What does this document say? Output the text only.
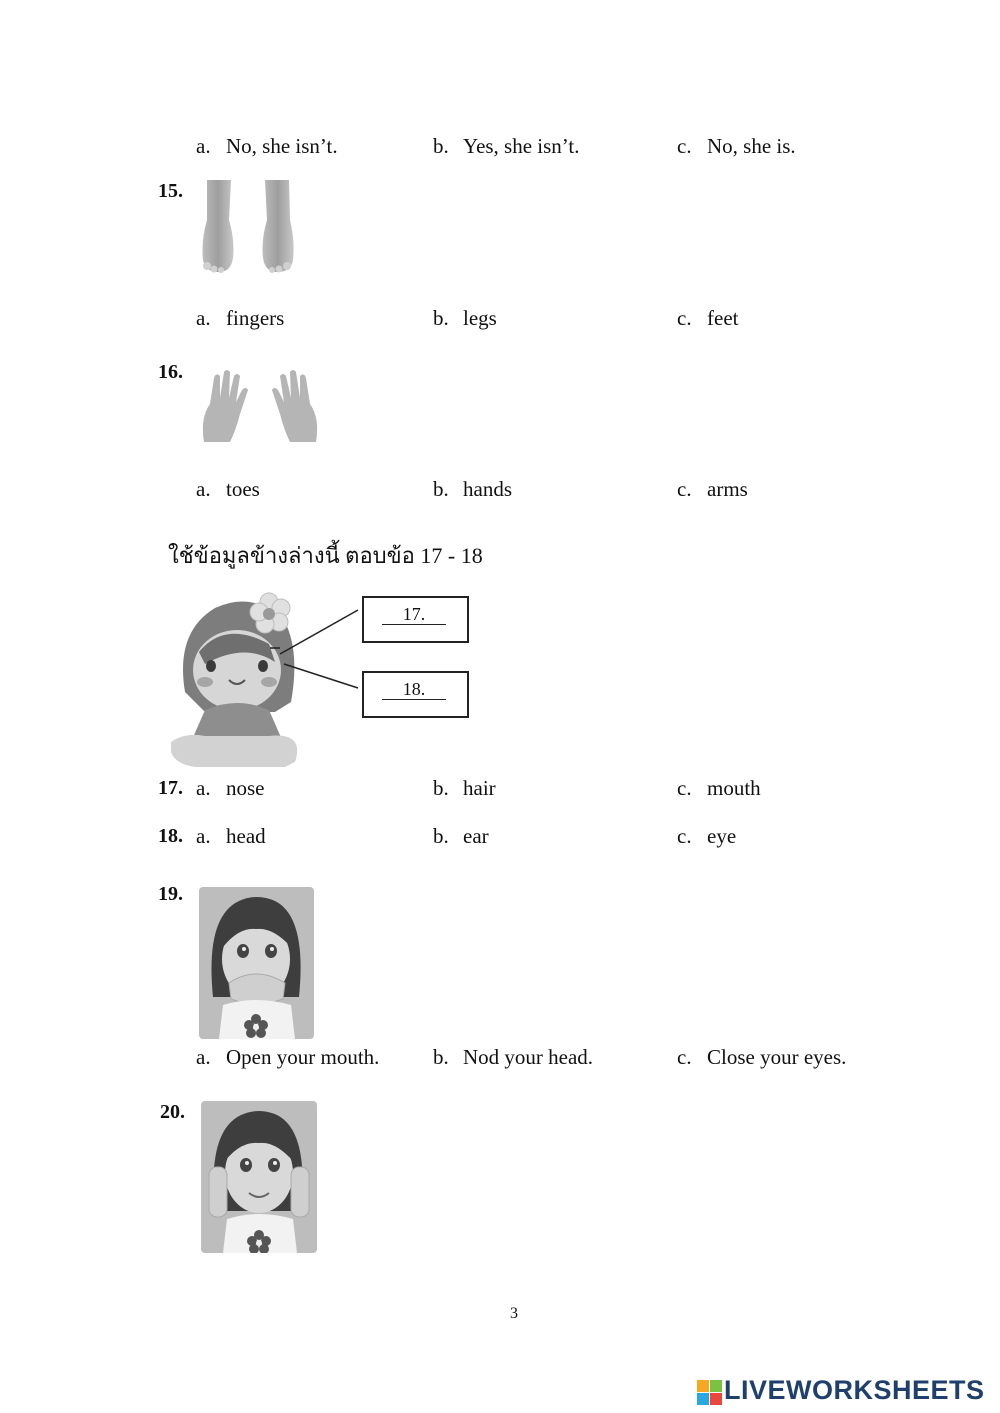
a. No, she isn’t.	b. Yes, she isn’t.	c. No, she is.
15.
a. fingers	b. legs	c. feet
16.
a. toes	b. hands	c. arms
ใช้ข้อมูลข้างล่างนี้ ตอบข้อ 17 - 18
17.
18.
17. a. nose	b. hair	c. mouth
18. a. head	b. ear	c. eye
19.
a. Open your mouth.	b. Nod your head.	c. Close your eyes.
20.
3
LIVEWORKSHEETS
